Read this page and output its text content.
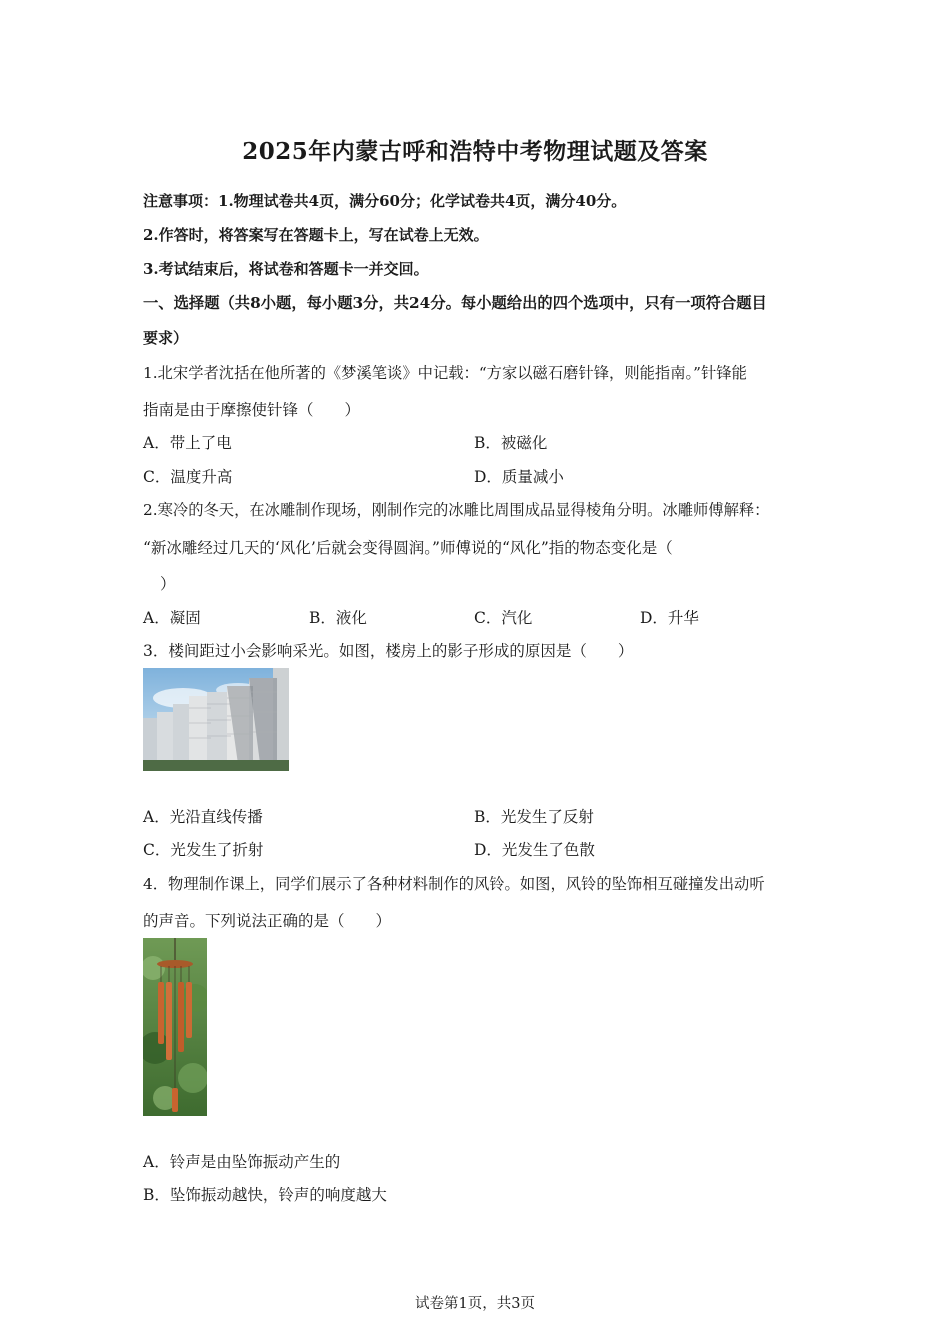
2025年内蒙古呼和浩特中考物理试题及答案
注意事项：1.物理试卷共4页，满分60分；化学试卷共4页，满分40分。
2.作答时，将答案写在答题卡上，写在试卷上无效。
3.考试结束后，将试卷和答题卡一并交回。
一、选择题（共8小题，每小题3分，共24分。每小题给出的四个选项中，只有一项符合题目
要求）
1.北宋学者沈括在他所著的《梦溪笔谈》中记载：“方家以磁石磨针锋，则能指南。”针锋能
指南是由于摩擦使针锋（　　）
A．带上了电	B．被磁化
C．温度升高	D．质量减小
2.寒冷的冬天，在冰雕制作现场，刚制作完的冰雕比周围成品显得棱角分明。冰雕师傅解释：
“新冰雕经过几天的‘风化’后就会变得圆润。”师傅说的“风化”指的物态变化是（
）
A．凝固	B．液化	C．汽化	D．升华
3．楼间距过小会影响采光。如图，楼房上的影子形成的原因是（　　）
A．光沿直线传播	B．光发生了反射
C．光发生了折射	D．光发生了色散
4．物理制作课上，同学们展示了各种材料制作的风铃。如图，风铃的坠饰相互碰撞发出动听
的声音。下列说法正确的是（　　）
A．铃声是由坠饰振动产生的
B．坠饰振动越快，铃声的响度越大
试卷第1页，共3页
